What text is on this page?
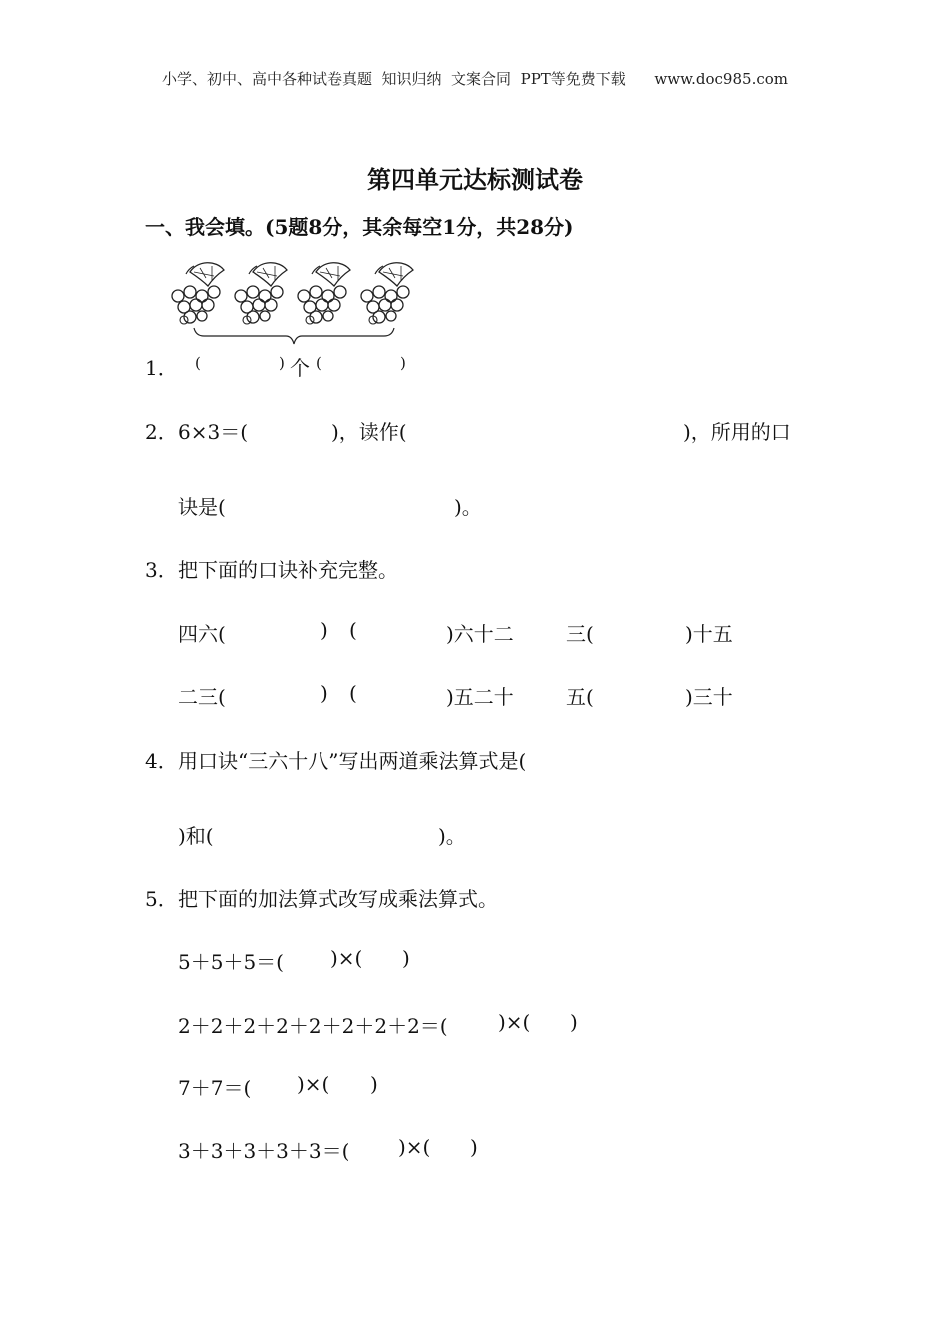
小学、初中、高中各种试卷真题  知识归纳  文案合同  PPT等免费下载      www.doc985.com
第四单元达标测试卷
一、我会填。(5题8分，其余每空1分，共28分)
1． (	) 个 (	)
2． 6×3＝(	)，读作(	)，所用的口
诀是(	)。
3． 把下面的口诀补充完整。
四六(	) (	)六十二	三(	)十五
二三(	) (	)五二十	五(	)三十
4． 用口诀“三六十八”写出两道乘法算式是(
)和(	)。
5． 把下面的加法算式改写成乘法算式。
5＋5＋5＝( )×( )
2＋2＋2＋2＋2＋2＋2＋2＝(	)×( )
7＋7＝( )×( )
3＋3＋3＋3＋3＝( )×( )
